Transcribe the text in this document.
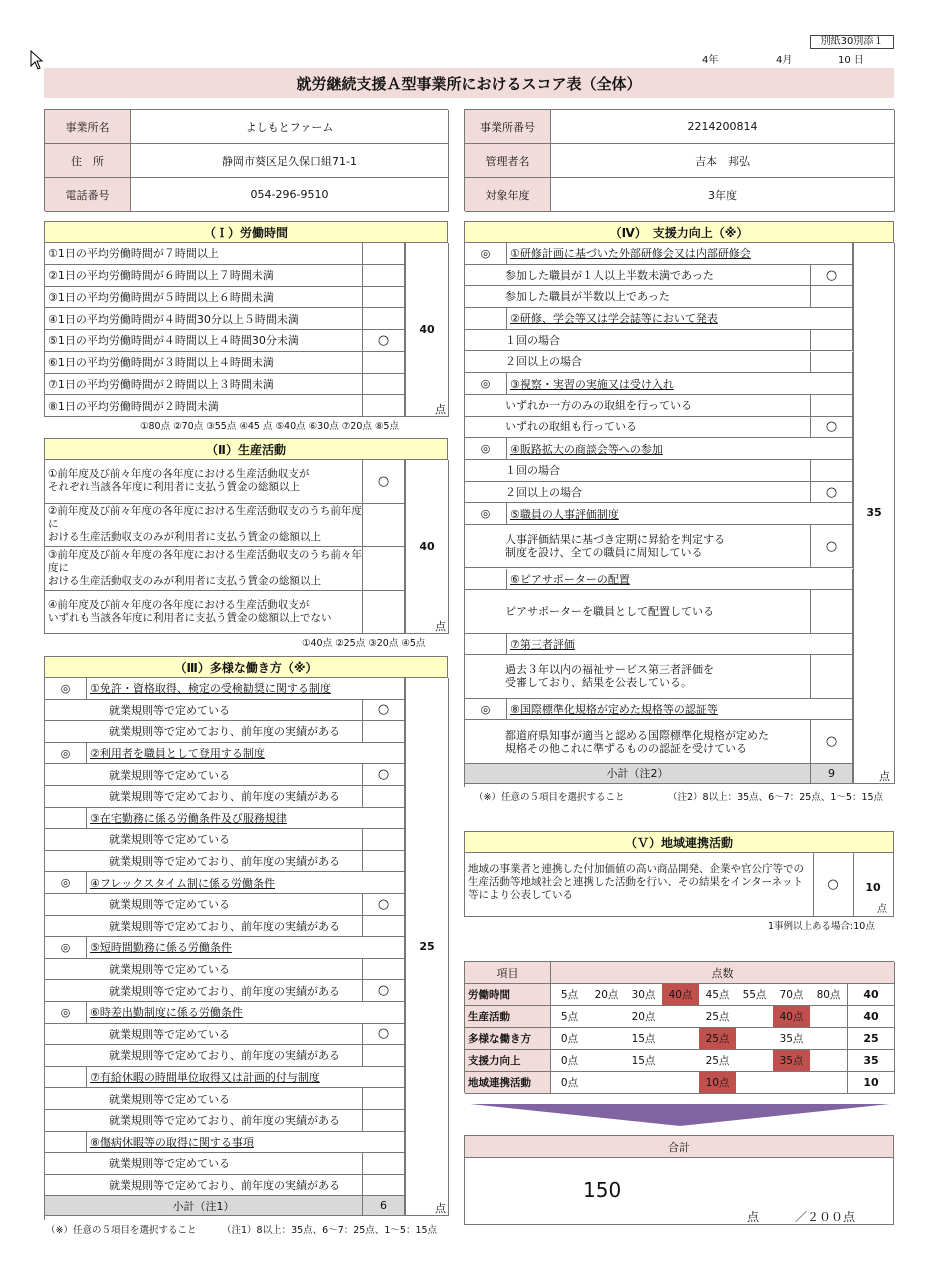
別紙30別添１
4年	4月	10 日
就労継続支援Ａ型事業所におけるスコア表（全体）
事業所名	よしもとファーム
住　所	静岡市葵区足久保口組71-1
電話番号	054-296-9510
事業所番号	2214200814
管理者名	吉本　邦弘
対象年度	3年度
（Ｉ）労働時間
①1日の平均労働時間が７時間以上
②1日の平均労働時間が６時間以上７時間未満
③1日の平均労働時間が５時間以上６時間未満
④1日の平均労働時間が４時間30分以上５時間未満
⑤1日の平均労働時間が４時間以上４時間30分未満	○
⑥1日の平均労働時間が３時間以上４時間未満
⑦1日の平均労働時間が２時間以上３時間未満
⑧1日の平均労働時間が２時間未満
40
点
①80点 ②70点 ③55点 ④45 点 ⑤40点 ⑥30点 ⑦20点 ⑧5点
（Ⅱ）生産活動
①前年度及び前々年度の各年度における生産活動収支が
それぞれ当該各年度に利用者に支払う賃金の総額以上	○
②前年度及び前々年度の各年度における生産活動収支のうち前年度に
おける生産活動収支のみが利用者に支払う賃金の総額以上
③前年度及び前々年度の各年度における生産活動収支のうち前々年度に
おける生産活動収支のみが利用者に支払う賃金の総額以上
④前年度及び前々年度の各年度における生産活動収支が
いずれも当該各年度に利用者に支払う賃金の総額以上でない
40
点
①40点 ②25点 ③20点 ④5点
（Ⅲ）多様な働き方（※）
◎	①免許・資格取得、検定の受検勧奨に関する制度
就業規則等で定めている	○
就業規則等で定めており、前年度の実績がある
◎	②利用者を職員として登用する制度
就業規則等で定めている	○
就業規則等で定めており、前年度の実績がある
③在宅勤務に係る労働条件及び服務規律
就業規則等で定めている
就業規則等で定めており、前年度の実績がある
◎	④フレックスタイム制に係る労働条件
就業規則等で定めている	○
就業規則等で定めており、前年度の実績がある
◎	⑤短時間勤務に係る労働条件
就業規則等で定めている
就業規則等で定めており、前年度の実績がある	○
◎	⑥時差出勤制度に係る労働条件
就業規則等で定めている	○
就業規則等で定めており、前年度の実績がある
⑦有給休暇の時間単位取得又は計画的付与制度
就業規則等で定めている
就業規則等で定めており、前年度の実績がある
⑧傷病休暇等の取得に関する事項
就業規則等で定めている
就業規則等で定めており、前年度の実績がある
小計（注1）	6
25
点
（※）任意の５項目を選択すること	（注1）8以上：35点、6～7：25点、1～5：15点
（Ⅳ）　支援力向上（※）
◎	①研修計画に基づいた外部研修会又は内部研修会
参加した職員が１人以上半数未満であった	○
参加した職員が半数以上であった
②研修、学会等又は学会誌等において発表
１回の場合
２回以上の場合
◎	③視察・実習の実施又は受け入れ
いずれか一方のみの取組を行っている
いずれの取組も行っている	○
◎	④販路拡大の商談会等への参加
１回の場合
２回以上の場合	○
◎	⑤職員の人事評価制度
人事評価結果に基づき定期に昇給を判定する
制度を設け、全ての職員に周知している	○
⑥ピアサポーターの配置
ピアサポーターを職員として配置している
⑦第三者評価
過去３年以内の福祉サービス第三者評価を
受審しており、結果を公表している。
◎	⑧国際標準化規格が定めた規格等の認証等
都道府県知事が適当と認める国際標準化規格が定めた
規格その他これに準ずるものの認証を受けている	○
小計（注2）	9
35
点
（※）任意の５項目を選択すること	（注2）8以上：35点、6～7：25点、1～5：15点
（Ｖ）地域連携活動
地域の事業者と連携した付加価値の高い商品開発、企業や官公庁等での生産活動等地域社会と連携した活動を行い、その結果をインターネット等により公表している
○	10
点
1事例以上ある場合:10点
項目	点数
労働時間	5点	20点	30点	40点	45点	55点	70点	80点	40
生産活動	5点	20点	25点	40点	40
多様な働き方	0点	15点	25点	35点	25
支援力向上	0点	15点	25点	35点	35
地域連携活動	0点	10点	10
合計
150
点	／２００点
